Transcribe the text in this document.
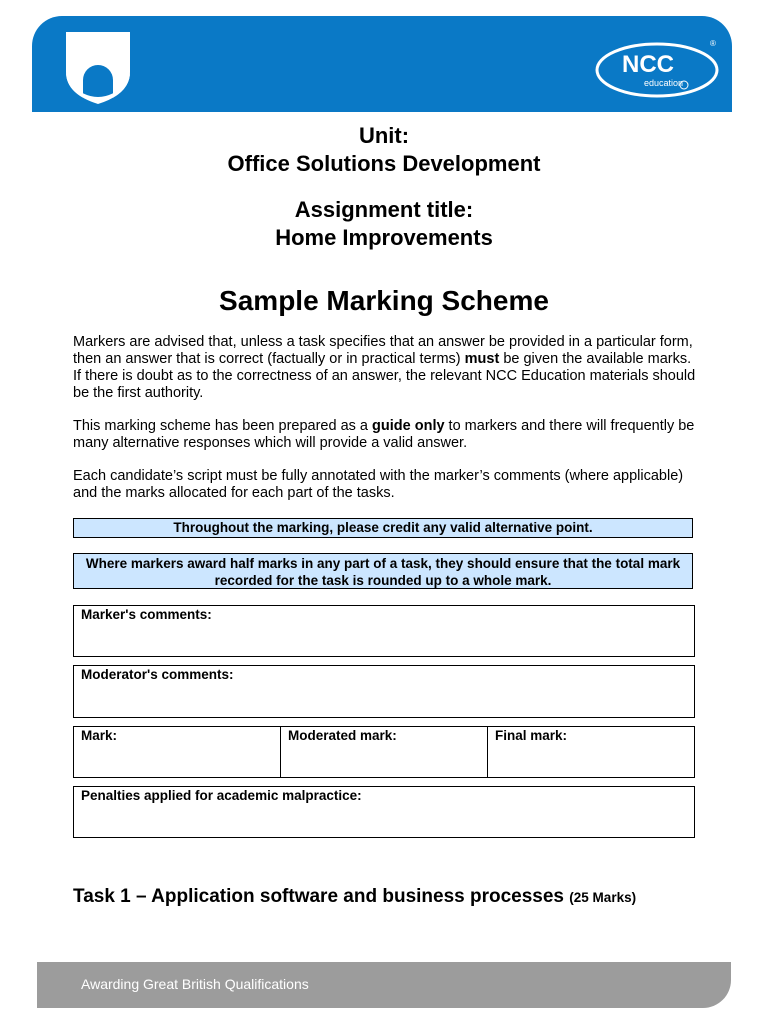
NCC
education
®
Unit:
Office Solutions Development
Assignment title:
Home Improvements
Sample Marking Scheme
Markers are advised that, unless a task specifies that an answer be provided in a particular form, then an answer that is correct (factually or in practical terms) must be given the available marks. If there is doubt as to the correctness of an answer, the relevant NCC Education materials should be the first authority.
This marking scheme has been prepared as a guide only to markers and there will frequently be many alternative responses which will provide a valid answer.
Each candidate’s script must be fully annotated with the marker’s comments (where applicable) and the marks allocated for each part of the tasks.
Throughout the marking, please credit any valid alternative point.
Where markers award half marks in any part of a task, they should ensure that the total mark recorded for the task is rounded up to a whole mark.
Marker's comments:
Moderator's comments:
Mark:	Moderated mark:	Final mark:
Penalties applied for academic malpractice:
Task 1 – Application software and business processes (25 Marks)
Awarding Great British Qualifications
